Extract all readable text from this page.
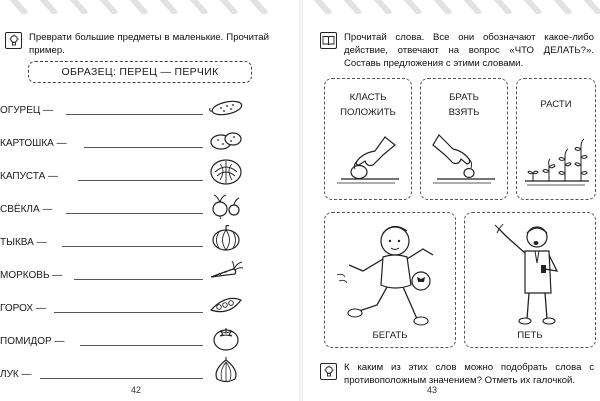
Преврати большие предметы в маленькие. Прочитай пример.
ОБРАЗЕЦ: ПЕРЕЦ — ПЕРЧИК
ОГУРЕЦ —
КАРТОШКА —
КАПУСТА —
СВЁКЛА —
ТЫКВА —
МОРКОВЬ —
ГОРОХ —
ПОМИДОР —
ЛУК —
42
Прочитай слова. Все они обозначают какое-либо действие, отвечают на вопрос «ЧТО ДЕЛАТЬ?». Составь предложения с этими словами.
КЛАСТЬ
ПОЛОЖИТЬ
БРАТЬ
ВЗЯТЬ
РАСТИ
БЕГАТЬ	ПЕТЬ
К каким из этих слов можно подобрать слова с противоположным значением? Отметь их галочкой.
43
